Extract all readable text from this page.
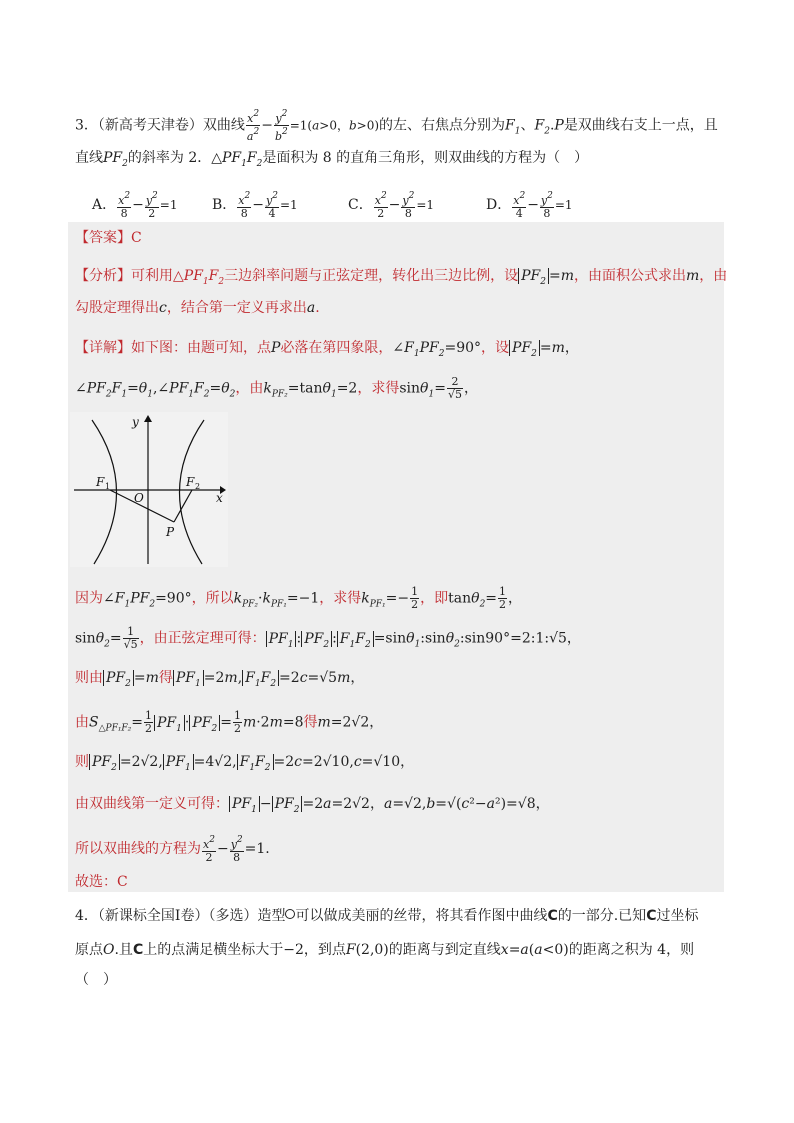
3．（新高考天津卷）双曲线 $\frac{x^2}{a^2} - \frac{y^2}{b^2} =1(a>0$，b>0)的左、右焦点分别为$F_1$、$F_2.P$是双曲线右支上一点，且
直线$PF_2$的斜率为 2．$\triangle PF_1F_2$是面积为 8 的直角三角形，则双曲线的方程为（　）
A． $\frac{x^2}{8} - \frac{y^2}{2} =1$ B． $\frac{x^2}{8} - \frac{y^2}{4} =1$	C． $\frac{x^2}{2} - \frac{y^2}{8} =1$	D． $\frac{x^2}{4} - \frac{y^2}{8} =1$
【答案】C
【分析】可利用$\triangle PF_1F_2$三边斜率问题与正弦定理，转化出三边比例，设 $PF_2 =m$，由面积公式求出m，由
勾股定理得出c，结合第一定义再求出a.
【详解】如下图：由题可知，点P必落在第四象限，$\angle F_1PF_2=90^\circ$，设 $PF_2 =m$，
$\angle PF_2F_1=\theta_1,\angle PF_1F_2=\theta_2$，由$k_{PF_2}=\tan\theta_1=2$，求得$\sin\theta_1= \frac{2}{√5}$ ，
y
x
O
F 1	F 2
P
因为$\angle F_1PF_2=90^\circ$，所以$k_{PF_2}\cdot k_{PF_1}=-1$，求得$k_{PF_1}=- \frac{1}{2}$ ，即$\tan\theta_2= \frac{1}{2}$ ，
$\sin\theta_2= \frac{1}{√5}$ ，由正弦定理可得： $PF_1$ : $PF_2$ : $F_1F_2$ =sinθ$_1$:sinθ$_2$:sin90°=2:1:√5，
则由 $PF_2 =m$得 $PF_1 =2m$, $F_1F_2 =2c=√5m$，
由$S_{\triangle PF_1F_2}= \frac{1}{2} PF_1 \cdot PF_2 = \frac{1}{2} m\cdot 2m=8$得m=2√2，
则 $PF_2 =2√2$, $PF_1 =4√2$, $F_1F_2 =2c=2√10,c=√10$，
由双曲线第一定义可得： $PF_1 - PF_2 =2a=2√2$，a=√2,b=√(c²−a²)=√8，
所以双曲线的方程为 $\frac{x^2}{2} - \frac{y^2}{8} =1$.
故选：C
4．（新课标全国Ⅰ卷）（多选）造型 可以做成美丽的丝带，将其看作图中曲线C的一部分.已知C过坐标
原点O.且C上的点满足横坐标大于−2，到点F(2,0)的距离与到定直线x=a(a<0)的距离之积为 4，则
（　）
